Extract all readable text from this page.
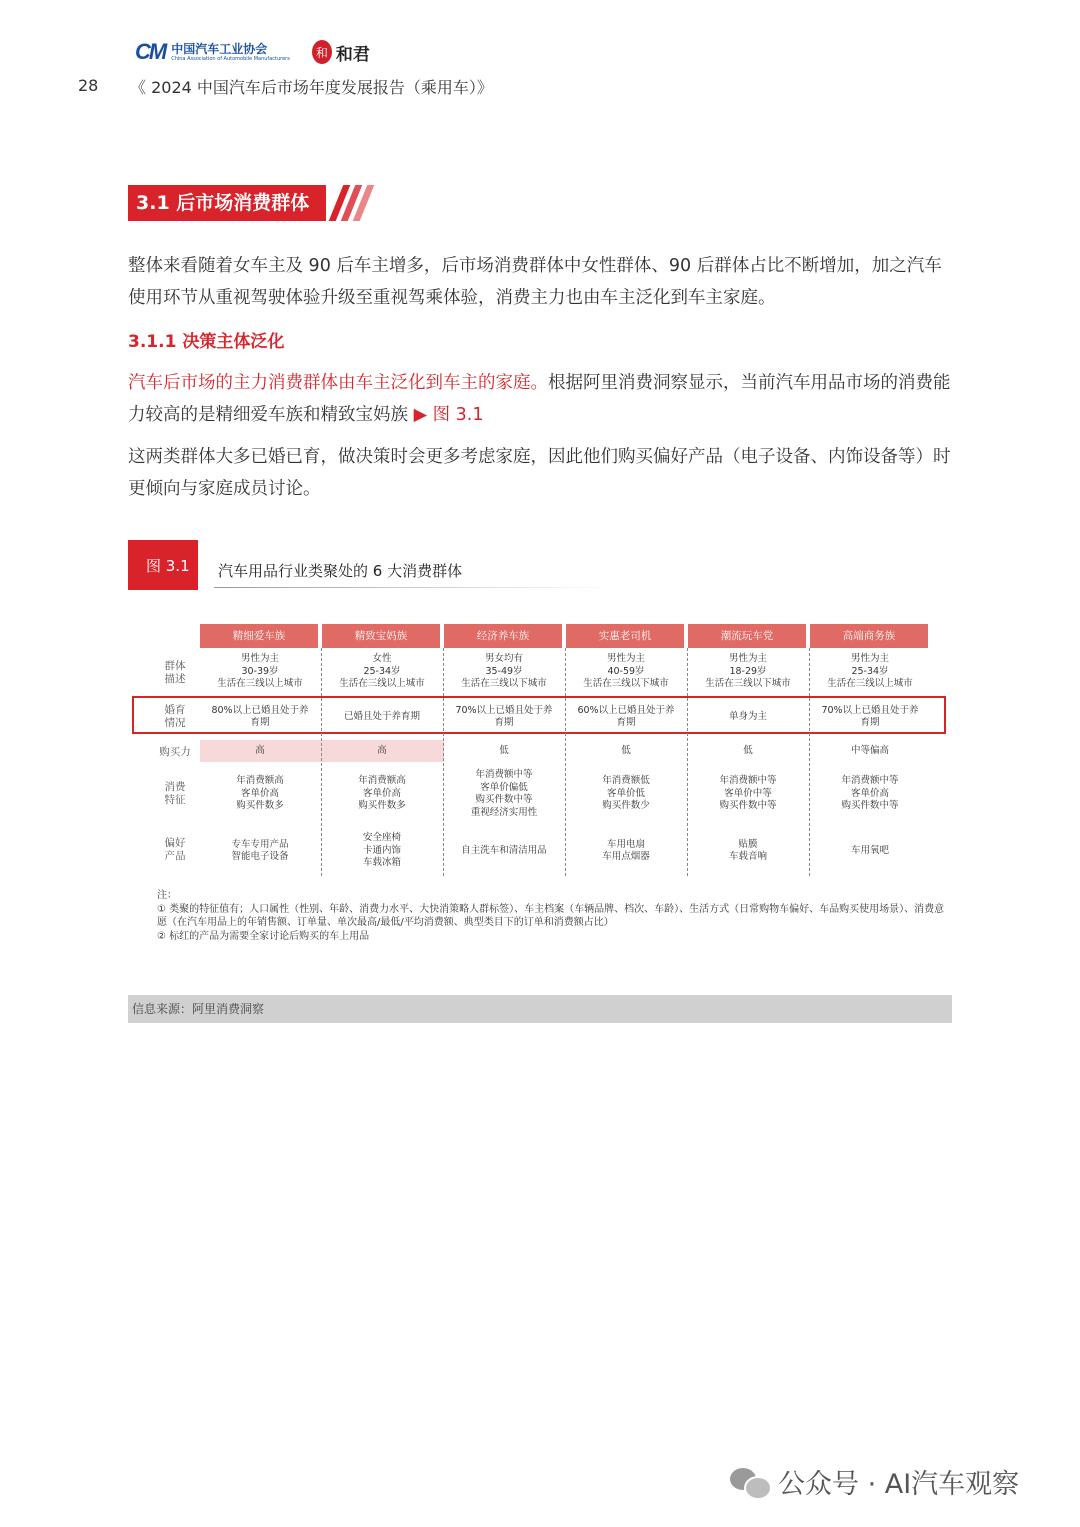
CM 中国汽车工业协会
China Association of Automobile Manufacturers	和 和君
28 《 2024 中国汽车后市场年度发展报告（乘用车）》
3.1 后市场消费群体

整体来看随着女车主及 90 后车主增多，后市场消费群体中女性群体、90 后群体占比不断增加，加之汽车使用环节从重视驾驶体验升级至重视驾乘体验，消费主力也由车主泛化到车主家庭。

3.1.1 决策主体泛化

汽车后市场的主力消费群体由车主泛化到车主的家庭。根据阿里消费洞察显示，当前汽车用品市场的消费能力较高的是精细爱车族和精致宝妈族 ▶ 图 3.1

这两类群体大多已婚已育，做决策时会更多考虑家庭，因此他们购买偏好产品（电子设备、内饰设备等）时更倾向与家庭成员讨论。

图 3.1	汽车用品行业类聚处的 6 大消费群体
群体
描述
婚育
情况
购买力
消费
特征
偏好
产品
精细爱车族
男性为主
30-39岁
生活在三线以上城市
80%以上已婚且处于养
育期
高
年消费额高
客单价高
购买件数多
专车专用产品
智能电子设备
精致宝妈族
女性
25-34岁
生活在三线以上城市
已婚且处于养育期
高
年消费额高
客单价高
购买件数多
安全座椅
卡通内饰
车载冰箱
经济养车族
男女均有
35-49岁
生活在三线以下城市
70%以上已婚且处于养
育期
低
年消费额中等
客单价偏低
购买件数中等
重视经济实用性
自主洗车和清洁用品
实惠老司机
男性为主
40-59岁
生活在三线以下城市
60%以上已婚且处于养
育期
低
年消费额低
客单价低
购买件数少
车用电扇
车用点烟器
潮流玩车党
男性为主
18-29岁
生活在三线以下城市
单身为主
低
年消费额中等
客单价中等
购买件数中等
贴膜
车载音响
高端商务族
男性为主
25-34岁
生活在三线以上城市
70%以上已婚且处于养
育期
中等偏高
年消费额中等
客单价高
购买件数中等
车用氧吧
注：
① 类聚的特征值有；人口属性（性别、年龄、消费力水平、大快消策略人群标签）、车主档案（车辆品牌、档次、车龄）、生活方式（日常购物车偏好、车品购买使用场景）、消费意愿（在汽车用品上的年销售额、订单量、单次最高/最低/平均消费额、典型类目下的订单和消费额占比）
② 标红的产品为需要全家讨论后购买的车上用品
信息来源：阿里消费洞察
公众号 · AI汽车观察
